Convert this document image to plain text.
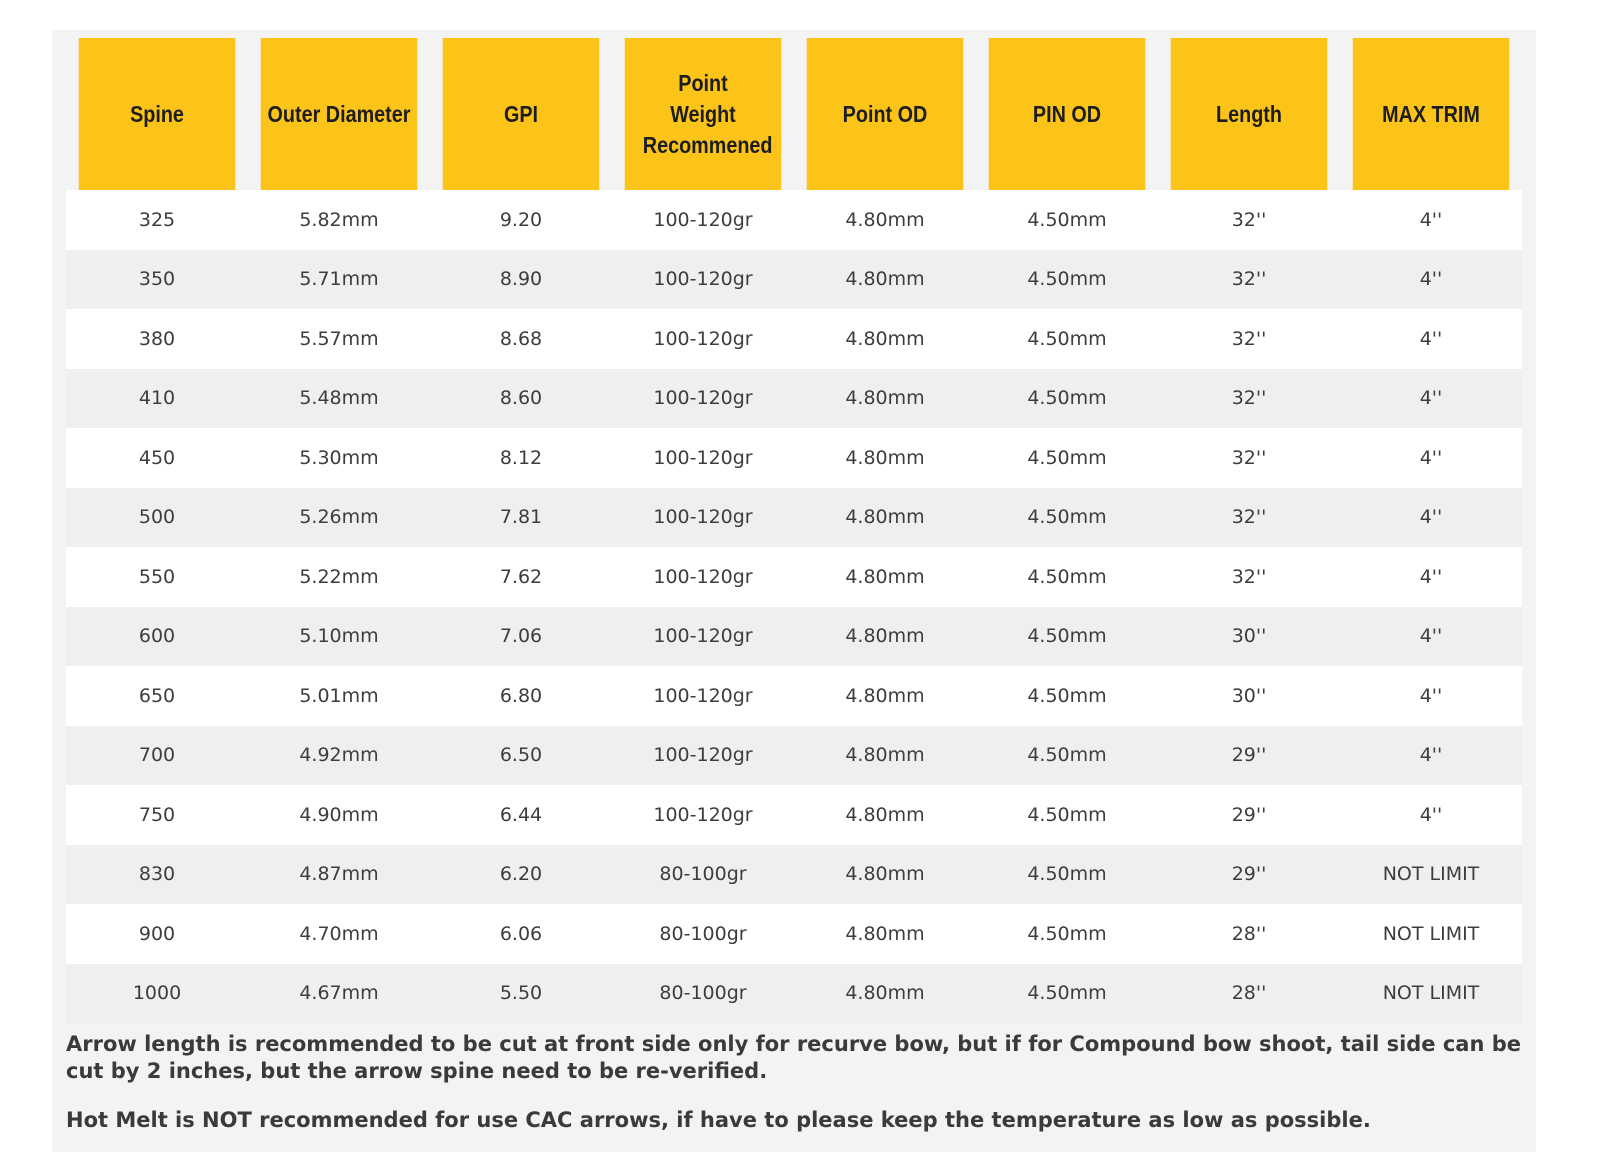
Spine	Outer Diameter	GPI	Point Weight Recommened	Point OD	PIN OD	Length	MAX TRIM
325	5.82mm	9.20	100-120gr	4.80mm	4.50mm	32''	4''
350	5.71mm	8.90	100-120gr	4.80mm	4.50mm	32''	4''
380	5.57mm	8.68	100-120gr	4.80mm	4.50mm	32''	4''
410	5.48mm	8.60	100-120gr	4.80mm	4.50mm	32''	4''
450	5.30mm	8.12	100-120gr	4.80mm	4.50mm	32''	4''
500	5.26mm	7.81	100-120gr	4.80mm	4.50mm	32''	4''
550	5.22mm	7.62	100-120gr	4.80mm	4.50mm	32''	4''
600	5.10mm	7.06	100-120gr	4.80mm	4.50mm	30''	4''
650	5.01mm	6.80	100-120gr	4.80mm	4.50mm	30''	4''
700	4.92mm	6.50	100-120gr	4.80mm	4.50mm	29''	4''
750	4.90mm	6.44	100-120gr	4.80mm	4.50mm	29''	4''
830	4.87mm	6.20	80-100gr	4.80mm	4.50mm	29''	NOT LIMIT
900	4.70mm	6.06	80-100gr	4.80mm	4.50mm	28''	NOT LIMIT
1000	4.67mm	5.50	80-100gr	4.80mm	4.50mm	28''	NOT LIMIT

Arrow length is recommended to be cut at front side only for recurve bow, but if for Compound bow shoot, tail side can be cut by 2 inches, but the arrow spine need to be re-verified.

Hot Melt is NOT recommended for use CAC arrows, if have to please keep the temperature as low as possible.
